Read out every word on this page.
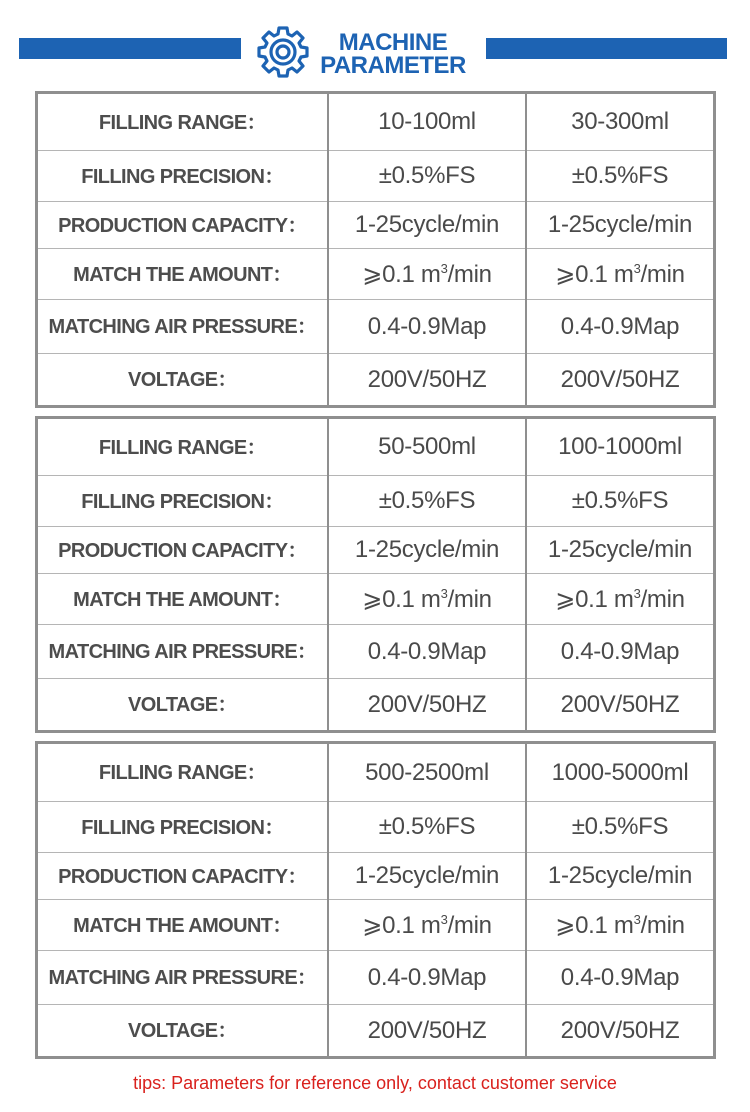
MACHINE
PARAMETER
FILLING RANGE：	10-100ml	30-300ml
FILLING PRECISION：	±0.5%FS	±0.5%FS
PRODUCTION CAPACITY：	1-25cycle/min	1-25cycle/min
MATCH THE AMOUNT：	⩾0.1 $m^3/\min$	⩾0.1 $m^3/\min$
MATCHING AIR PRESSURE：	0.4-0.9Map	0.4-0.9Map
VOLTAGE：	200V/50HZ	200V/50HZ
FILLING RANGE：	50-500ml	100-1000ml
FILLING PRECISION：	±0.5%FS	±0.5%FS
PRODUCTION CAPACITY：	1-25cycle/min	1-25cycle/min
MATCH THE AMOUNT：	⩾0.1 $m^3/\min$	⩾0.1 $m^3/\min$
MATCHING AIR PRESSURE：	0.4-0.9Map	0.4-0.9Map
VOLTAGE：	200V/50HZ	200V/50HZ
FILLING RANGE：	500-2500ml	1000-5000ml
FILLING PRECISION：	±0.5%FS	±0.5%FS
PRODUCTION CAPACITY：	1-25cycle/min	1-25cycle/min
MATCH THE AMOUNT：	⩾0.1 $m^3/\min$	⩾0.1 $m^3/\min$
MATCHING AIR PRESSURE：	0.4-0.9Map	0.4-0.9Map
VOLTAGE：	200V/50HZ	200V/50HZ
tips: Parameters for reference only, contact customer service
